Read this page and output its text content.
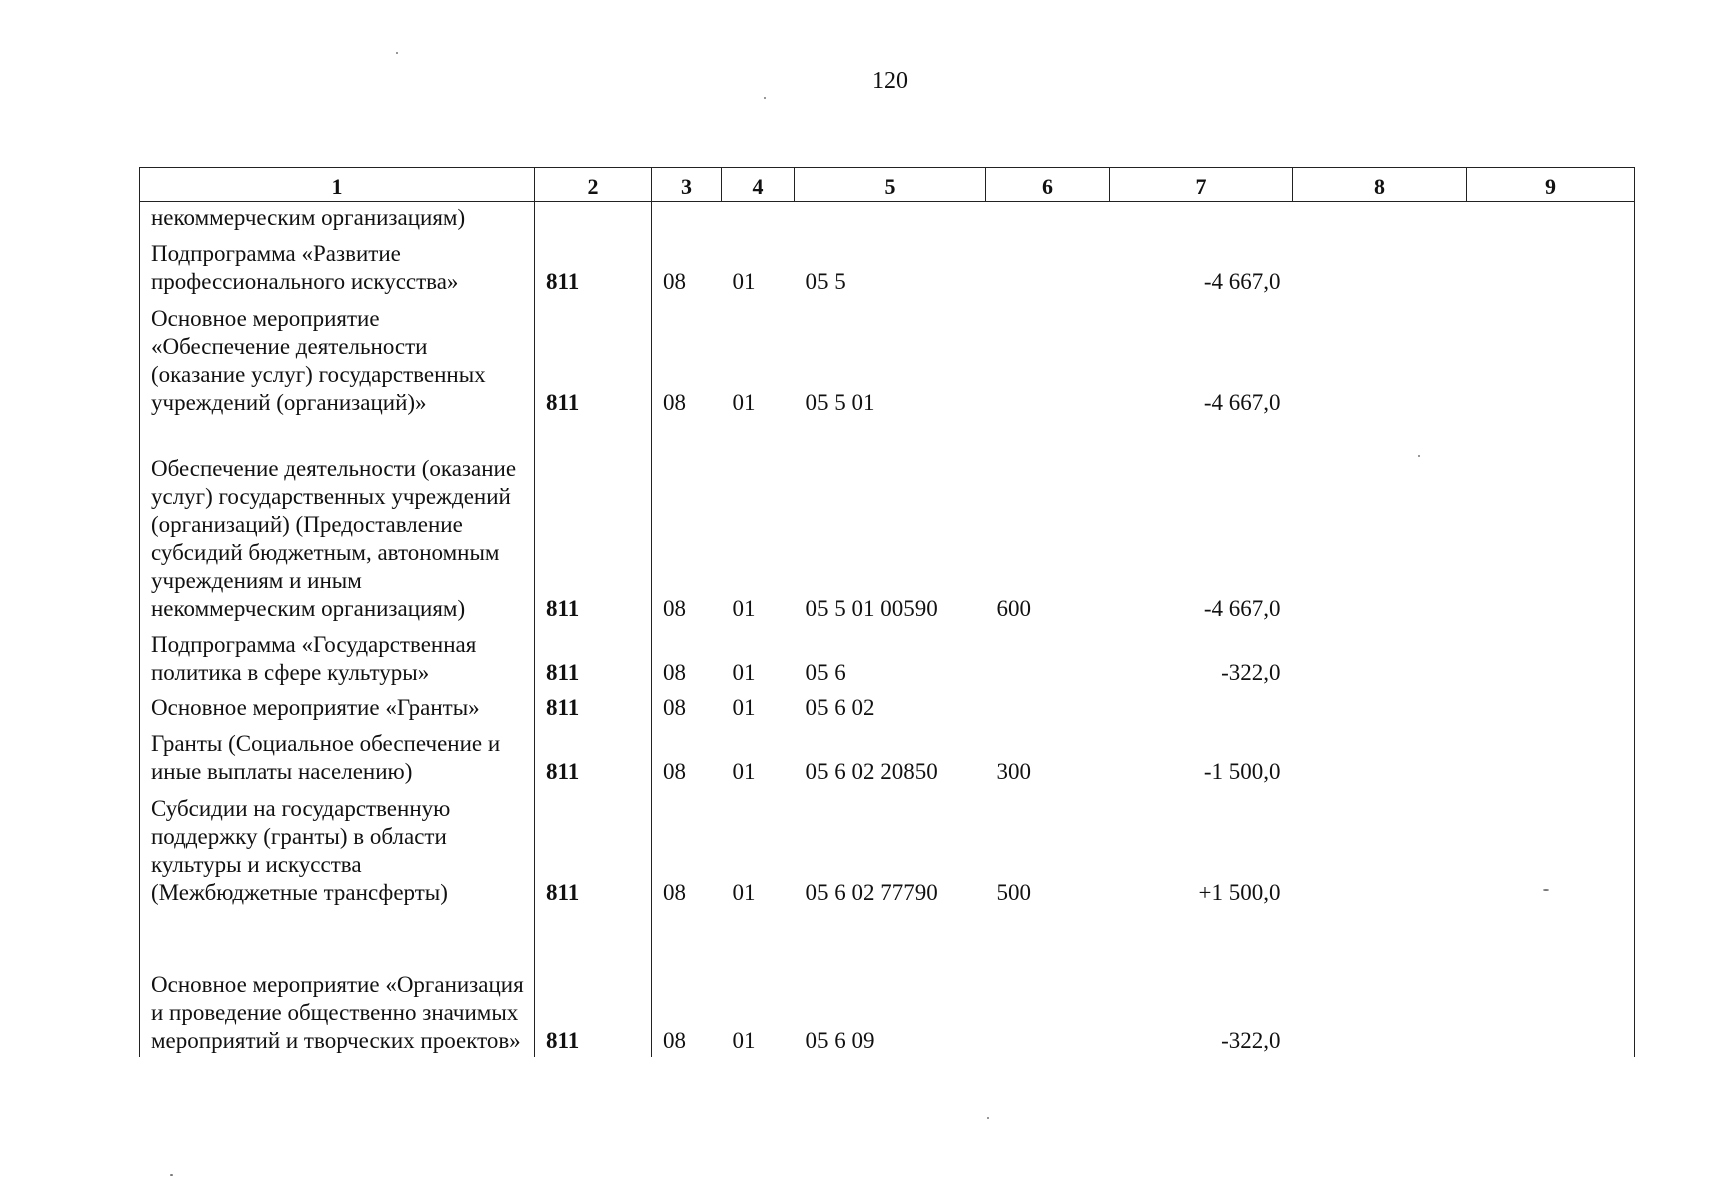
120
1	2	3	4	5	6	7	8	9
некоммерческим организациям)								
Подпрограмма «Развитие профессионального искусства»	811	08	01	05 5		-4 667,0		
Основное мероприятие «Обеспечение деятельности (оказание услуг) государственных учреждений (организаций)»	811	08	01	05 5 01		-4 667,0		
Обеспечение деятельности (оказание услуг) государственных учреждений (организаций) (Предоставление субсидий бюджетным, автономным учреждениям и иным некоммерческим организациям)	811	08	01	05 5 01 00590	600	-4 667,0		
Подпрограмма «Государственная политика в сфере культуры»	811	08	01	05 6		-322,0		
Основное мероприятие «Гранты»	811	08	01	05 6 02				
Гранты (Социальное обеспечение и иные выплаты населению)	811	08	01	05 6 02 20850	300	-1 500,0		
Субсидии на государственную поддержку (гранты) в области культуры и искусства (Межбюджетные трансферты)	811	08	01	05 6 02 77790	500	+1 500,0		
Основное мероприятие «Организация и проведение общественно значимых мероприятий и творческих проектов»	811	08	01	05 6 09		-322,0		
